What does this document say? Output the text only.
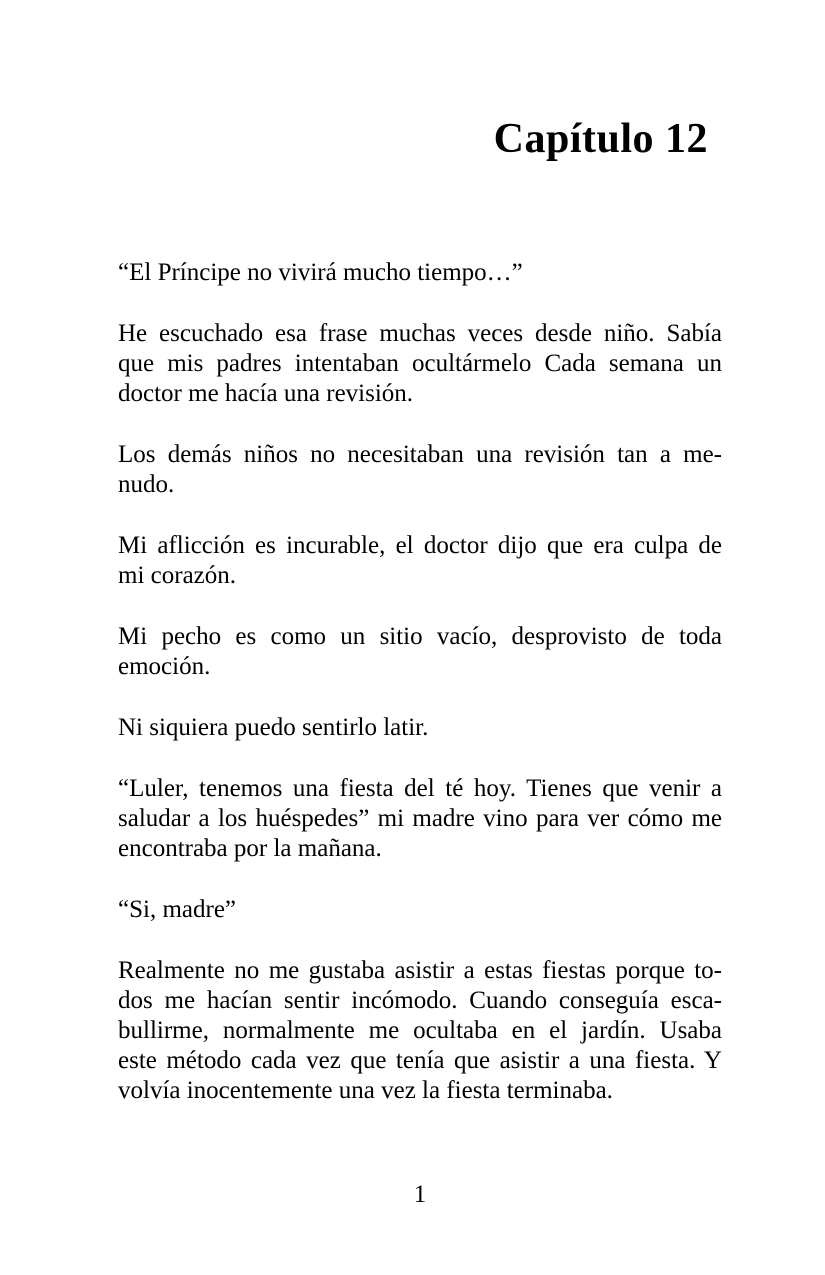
Capítulo 12
“El Príncipe no vivirá mucho tiempo…”
He escuchado esa frase muchas veces desde niño. Sabía
que mis padres intentaban ocultármelo Cada semana un
doctor me hacía una revisión.
Los demás niños no necesitaban una revisión tan a me-
nudo.
Mi aflicción es incurable, el doctor dijo que era culpa de
mi corazón.
Mi pecho es como un sitio vacío, desprovisto de toda
emoción.
Ni siquiera puedo sentirlo latir.
“Luler, tenemos una fiesta del té hoy. Tienes que venir a
saludar a los huéspedes” mi madre vino para ver cómo me
encontraba por la mañana.
“Si, madre”
Realmente no me gustaba asistir a estas fiestas porque to-
dos me hacían sentir incómodo. Cuando conseguía esca-
bullirme, normalmente me ocultaba en el jardín. Usaba
este método cada vez que tenía que asistir a una fiesta. Y
volvía inocentemente una vez la fiesta terminaba.
1
